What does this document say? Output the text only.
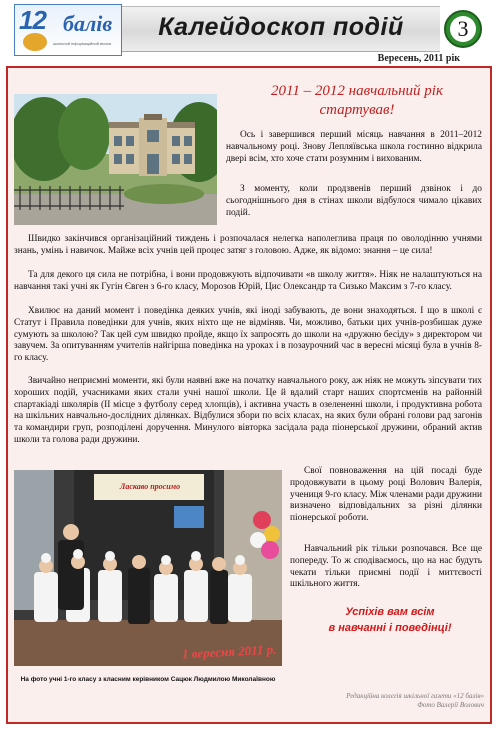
12 балів
шкільний інформаційний вісник
Калейдоскоп подій	3
Вересень, 2011 рік
2011 – 2012 навчальний рік стартував!

Ось і завершився перший місяць навчання в 2011–2012 навчальному році. Знову Лепляївська школа гостинно відкрила двері всім, хто хоче стати розумним і вихованим.

З моменту, коли продзвенів перший дзвінок і до сьогоднішнього дня в стінах школи відбулося чимало цікавих подій.

Швидко закінчився організаційний тиждень і розпочалася нелегка наполеглива праця по оволодінню учнями знань, умінь і навичок. Майже всіх учнів цей процес затяг з головою. Адже, як відомо: знання – це сила!

Та для декого ця сила не потрібна, і вони продовжують відпочивати «в школу життя». Ніяк не налаштуються на навчання такі учні як Гугін Євген з 6-го класу, Морозов Юрій, Цис Олександр та Сизько Максим з 7-го класу.

Хвилює на даний момент і поведінка деяких учнів, які іноді забувають, де вони знаходяться. І що в школі є Статут і Правила поведінки для учнів, яких ніхто ще не відміняв. Чи, можливо, батьки цих учнів-розбишак дуже сумують за школою? Так цей сум швидко пройде, якщо їх запросять до школи на «дружню бесіду» з директором чи завучем. За опитуванням учителів найгірша поведінка на уроках і в позаурочний час в вересні місяці була в учнів 8-го класу.

Звичайно неприємні моменти, які були наявні вже на початку навчального року, аж ніяк не можуть зіпсувати тих хороших подій, учасниками яких стали учні нашої школи. Це й вдалий старт наших спортсменів на районній спартакіаді школярів (II місце з футболу серед хлопців), і активна участь в озелененні школи, і продуктивна робота на шкільних навчально-дослідних ділянках. Відбулися збори по всіх класах, на яких були обрані голови рад загонів та командири груп, розподілені доручення. Минулого вівторка засідала рада піонерської дружини, обраний актив школи та голова ради дружини.

Ласкаво просимо
1 вересня 2011 р.

Свої повноваження на цій посаді буде продовжувати в цьому році Волович Валерія, учениця 9-го класу. Між членами ради дружини визначено відповідальних за різні ділянки піонерської роботи.

Навчальний рік тільки розпочався. Все ще попереду. То ж сподіваємось, що на нас будуть чекати тільки приємні події і миттєвості шкільного життя.

Успіхів вам всім
в навчанні і поведінці!
На фото учні 1-го класу з класним керівником Сацюк Людмилою Миколаївною
Редакційна колегія шкільної газети «12 балів»
Фото Валерії Волович
